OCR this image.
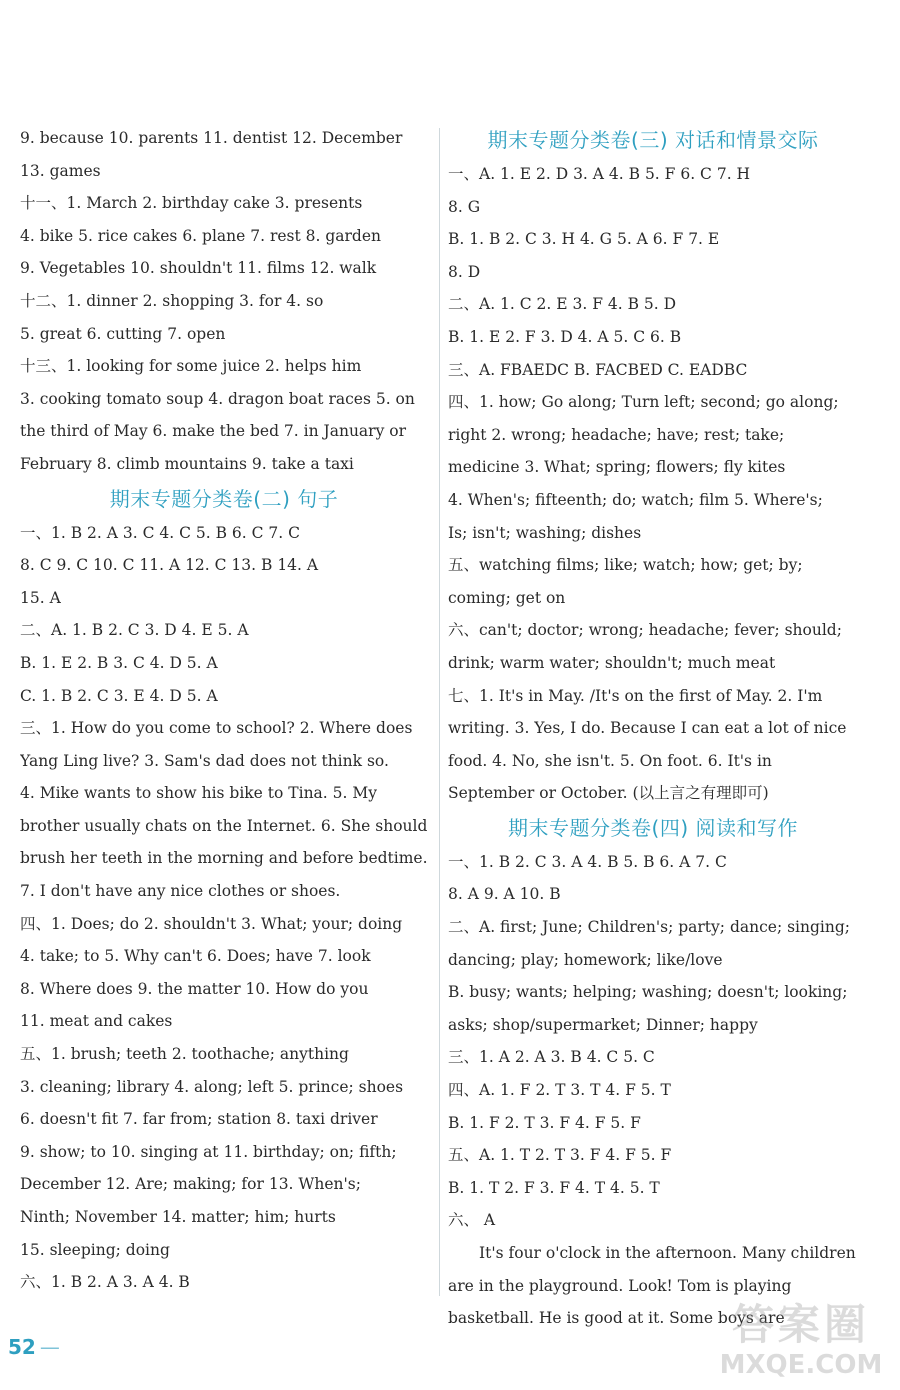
9. because 10. parents 11. dentist 12. December
13. games
十一、1. March 2. birthday cake 3. presents
4. bike 5. rice cakes 6. plane 7. rest 8. garden
9. Vegetables 10. shouldn't 11. films 12. walk
十二、1. dinner 2. shopping 3. for 4. so
5. great 6. cutting 7. open
十三、1. looking for some juice 2. helps him
3. cooking tomato soup 4. dragon boat races 5. on
the third of May 6. make the bed 7. in January or
February 8. climb mountains 9. take a taxi
期末专题分类卷(二) 句子
一、1. B 2. A 3. C 4. C 5. B 6. C 7. C
8. C 9. C 10. C 11. A 12. C 13. B 14. A
15. A
二、A. 1. B 2. C 3. D 4. E 5. A
B. 1. E 2. B 3. C 4. D 5. A
C. 1. B 2. C 3. E 4. D 5. A
三、1. How do you come to school? 2. Where does
Yang Ling live? 3. Sam's dad does not think so.
4. Mike wants to show his bike to Tina. 5. My
brother usually chats on the Internet. 6. She should
brush her teeth in the morning and before bedtime.
7. I don't have any nice clothes or shoes.
四、1. Does; do 2. shouldn't 3. What; your; doing
4. take; to 5. Why can't 6. Does; have 7. look
8. Where does 9. the matter 10. How do you
11. meat and cakes
五、1. brush; teeth 2. toothache; anything
3. cleaning; library 4. along; left 5. prince; shoes
6. doesn't fit 7. far from; station 8. taxi driver
9. show; to 10. singing at 11. birthday; on; fifth;
December 12. Are; making; for 13. When's;
Ninth; November 14. matter; him; hurts
15. sleeping; doing
六、1. B 2. A 3. A 4. B
期末专题分类卷(三) 对话和情景交际
一、A. 1. E 2. D 3. A 4. B 5. F 6. C 7. H
8. G
B. 1. B 2. C 3. H 4. G 5. A 6. F 7. E
8. D
二、A. 1. C 2. E 3. F 4. B 5. D
B. 1. E 2. F 3. D 4. A 5. C 6. B
三、A. FBAEDC B. FACBED C. EADBC
四、1. how; Go along; Turn left; second; go along;
right 2. wrong; headache; have; rest; take;
medicine 3. What; spring; flowers; fly kites
4. When's; fifteenth; do; watch; film 5. Where's;
Is; isn't; washing; dishes
五、watching films; like; watch; how; get; by;
coming; get on
六、can't; doctor; wrong; headache; fever; should;
drink; warm water; shouldn't; much meat
七、1. It's in May. /It's on the first of May. 2. I'm
writing. 3. Yes, I do. Because I can eat a lot of nice
food. 4. No, she isn't. 5. On foot. 6. It's in
September or October. (以上言之有理即可)
期末专题分类卷(四) 阅读和写作
一、1. B 2. C 3. A 4. B 5. B 6. A 7. C
8. A 9. A 10. B
二、A. first; June; Children's; party; dance; singing;
dancing; play; homework; like/love
B. busy; wants; helping; washing; doesn't; looking;
asks; shop/supermarket; Dinner; happy
三、1. A 2. A 3. B 4. C 5. C
四、A. 1. F 2. T 3. T 4. F 5. T
B. 1. F 2. T 3. F 4. F 5. F
五、A. 1. T 2. T 3. F 4. F 5. F
B. 1. T 2. F 3. F 4. T 4. 5. T
六、 A
It's four o'clock in the afternoon. Many children
are in the playground. Look! Tom is playing
basketball. He is good at it. Some boys are
52 —	答案圈
MXQE.COM
